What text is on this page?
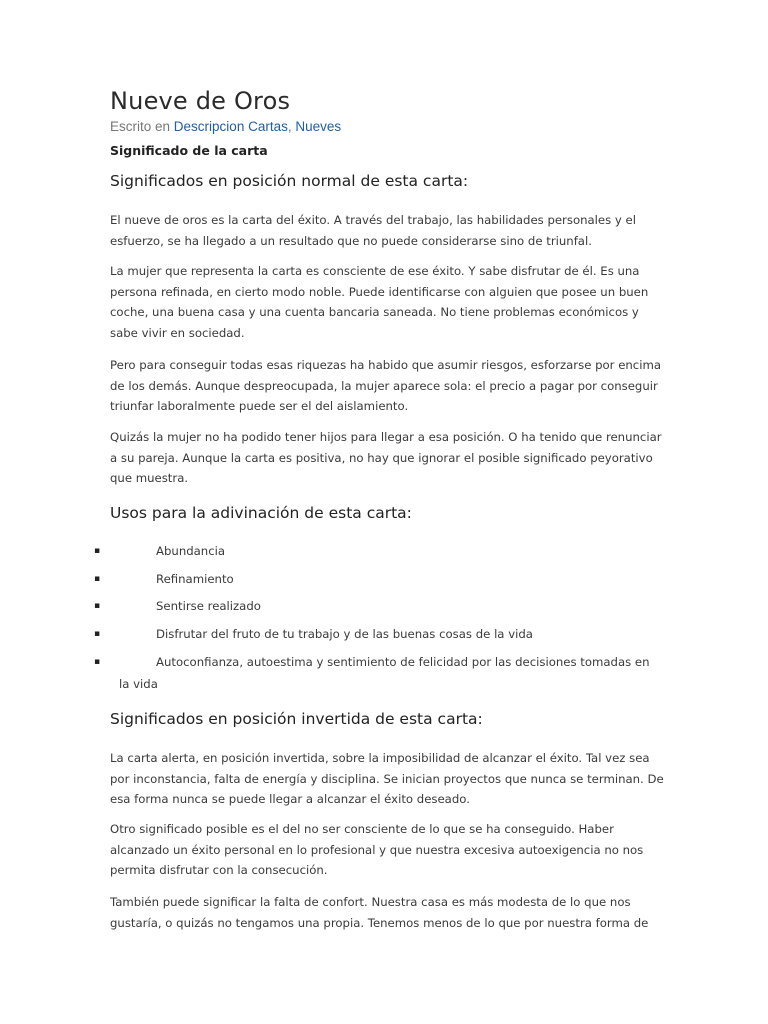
Nueve de Oros
Escrito en Descripcion Cartas, Nueves
Significado de la carta
Significados en posición normal de esta carta:

El nueve de oros es la carta del éxito. A través del trabajo, las habilidades personales y el esfuerzo, se ha llegado a un resultado que no puede considerarse sino de triunfal.

La mujer que representa la carta es consciente de ese éxito. Y sabe disfrutar de él. Es una persona refinada, en cierto modo noble. Puede identificarse con alguien que posee un buen coche, una buena casa y una cuenta bancaria saneada. No tiene problemas económicos y sabe vivir en sociedad.

Pero para conseguir todas esas riquezas ha habido que asumir riesgos, esforzarse por encima de los demás. Aunque despreocupada, la mujer aparece sola: el precio a pagar por conseguir triunfar laboralmente puede ser el del aislamiento.

Quizás la mujer no ha podido tener hijos para llegar a esa posición. O ha tenido que renunciar a su pareja. Aunque la carta es positiva, no hay que ignorar el posible significado peyorativo que muestra.

Usos para la adivinación de esta carta:
▪	Abundancia
▪	Refinamiento
▪	Sentirse realizado
▪	Disfrutar del fruto de tu trabajo y de las buenas cosas de la vida
▪	Autoconfianza, autoestima y sentimiento de felicidad por las decisiones tomadas en
la vida
Significados en posición invertida de esta carta:

La carta alerta, en posición invertida, sobre la imposibilidad de alcanzar el éxito. Tal vez sea por inconstancia, falta de energía y disciplina. Se inician proyectos que nunca se terminan. De esa forma nunca se puede llegar a alcanzar el éxito deseado.

Otro significado posible es el del no ser consciente de lo que se ha conseguido. Haber alcanzado un éxito personal en lo profesional y que nuestra excesiva autoexigencia no nos permita disfrutar con la consecución.

También puede significar la falta de confort. Nuestra casa es más modesta de lo que nos gustaría, o quizás no tengamos una propia. Tenemos menos de lo que por nuestra forma de
